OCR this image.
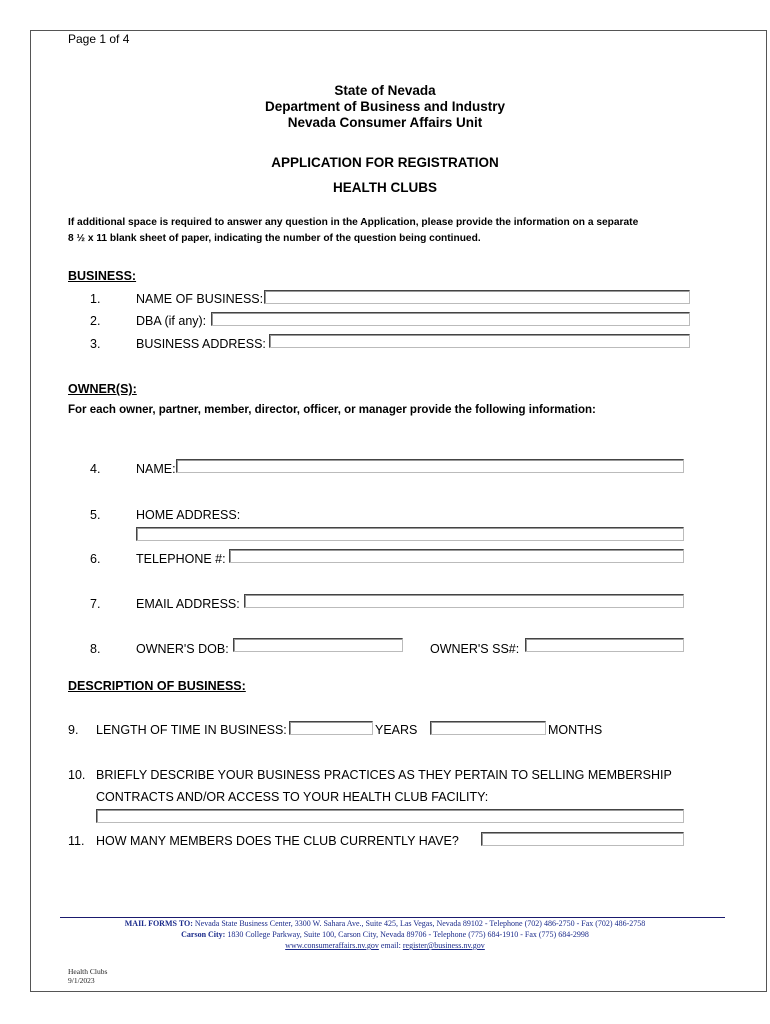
Page 1 of 4
State of Nevada
Department of Business and Industry
Nevada Consumer Affairs Unit
APPLICATION FOR REGISTRATION
HEALTH CLUBS
If additional space is required to answer any question in the Application, please provide the information on a separate
8 ½ x 11 blank sheet of paper, indicating the number of the question being continued.
BUSINESS:
1.	NAME OF BUSINESS:
2.	DBA (if any):
3.	BUSINESS ADDRESS:
OWNER(S):
For each owner, partner, member, director, officer, or manager provide the following information:
4.	NAME:
5.	HOME ADDRESS:
6.	TELEPHONE #:
7.	EMAIL ADDRESS:
8.	OWNER'S DOB:	OWNER'S SS#:
DESCRIPTION OF BUSINESS:
9. LENGTH OF TIME IN BUSINESS:	YEARS	MONTHS
10. BRIEFLY DESCRIBE YOUR BUSINESS PRACTICES AS THEY PERTAIN TO SELLING MEMBERSHIP
CONTRACTS AND/OR ACCESS TO YOUR HEALTH CLUB FACILITY:
11. HOW MANY MEMBERS DOES THE CLUB CURRENTLY HAVE?
MAIL FORMS TO: Nevada State Business Center, 3300 W. Sahara Ave., Suite 425, Las Vegas, Nevada 89102 - Telephone (702) 486-2750 - Fax (702) 486-2758
Carson City: 1830 College Parkway, Suite 100, Carson City, Nevada 89706 - Telephone (775) 684-1910 - Fax (775) 684-2998
www.consumeraffairs.nv.gov email: register@business.nv.gov
Health Clubs
9/1/2023
